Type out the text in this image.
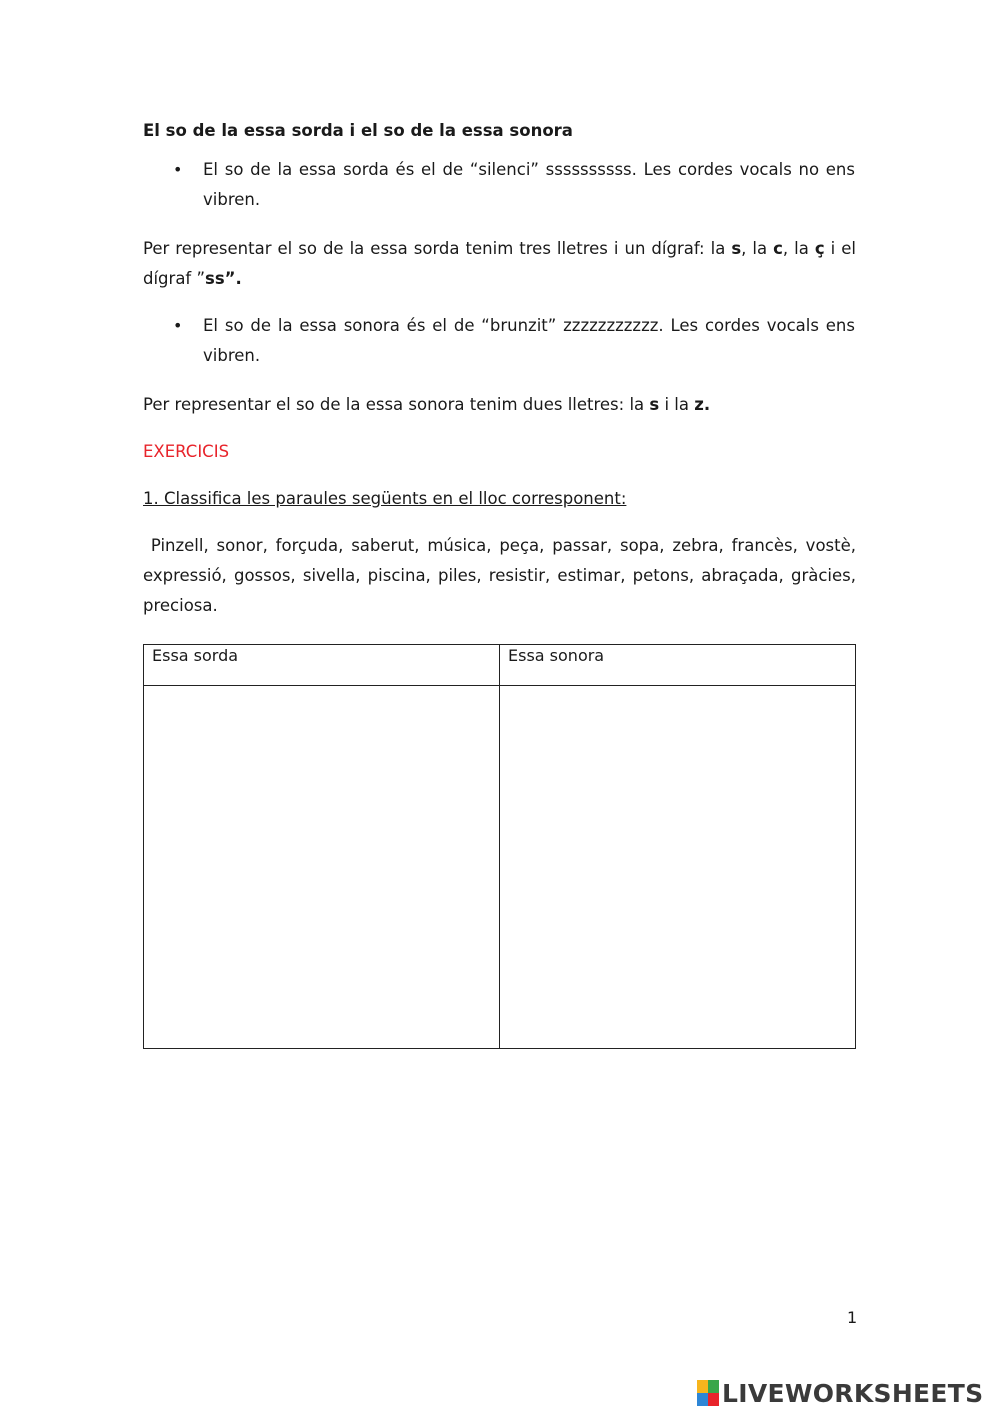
El so de la essa sorda i el so de la essa sonora
• El so de la essa sorda és el de “silenci” ssssssssss. Les cordes vocals no ens vibren.
Per representar el so de la essa sorda tenim tres lletres i un dígraf: la s, la c, la ç i el dígraf ”ss”.
• El so de la essa sonora és el de “brunzit” zzzzzzzzzzz. Les cordes vocals ens vibren.
Per representar el so de la essa sonora tenim dues lletres: la s i la z.
EXERCICIS
1. Classifica les paraules següents en el lloc corresponent:
Pinzell, sonor, forçuda, saberut, música, peça, passar, sopa, zebra, francès, vostè, expressió, gossos, sivella, piscina, piles, resistir, estimar, petons, abraçada, gràcies, preciosa.
Essa sorda	Essa sonora

1
LIVEWORKSHEETS
